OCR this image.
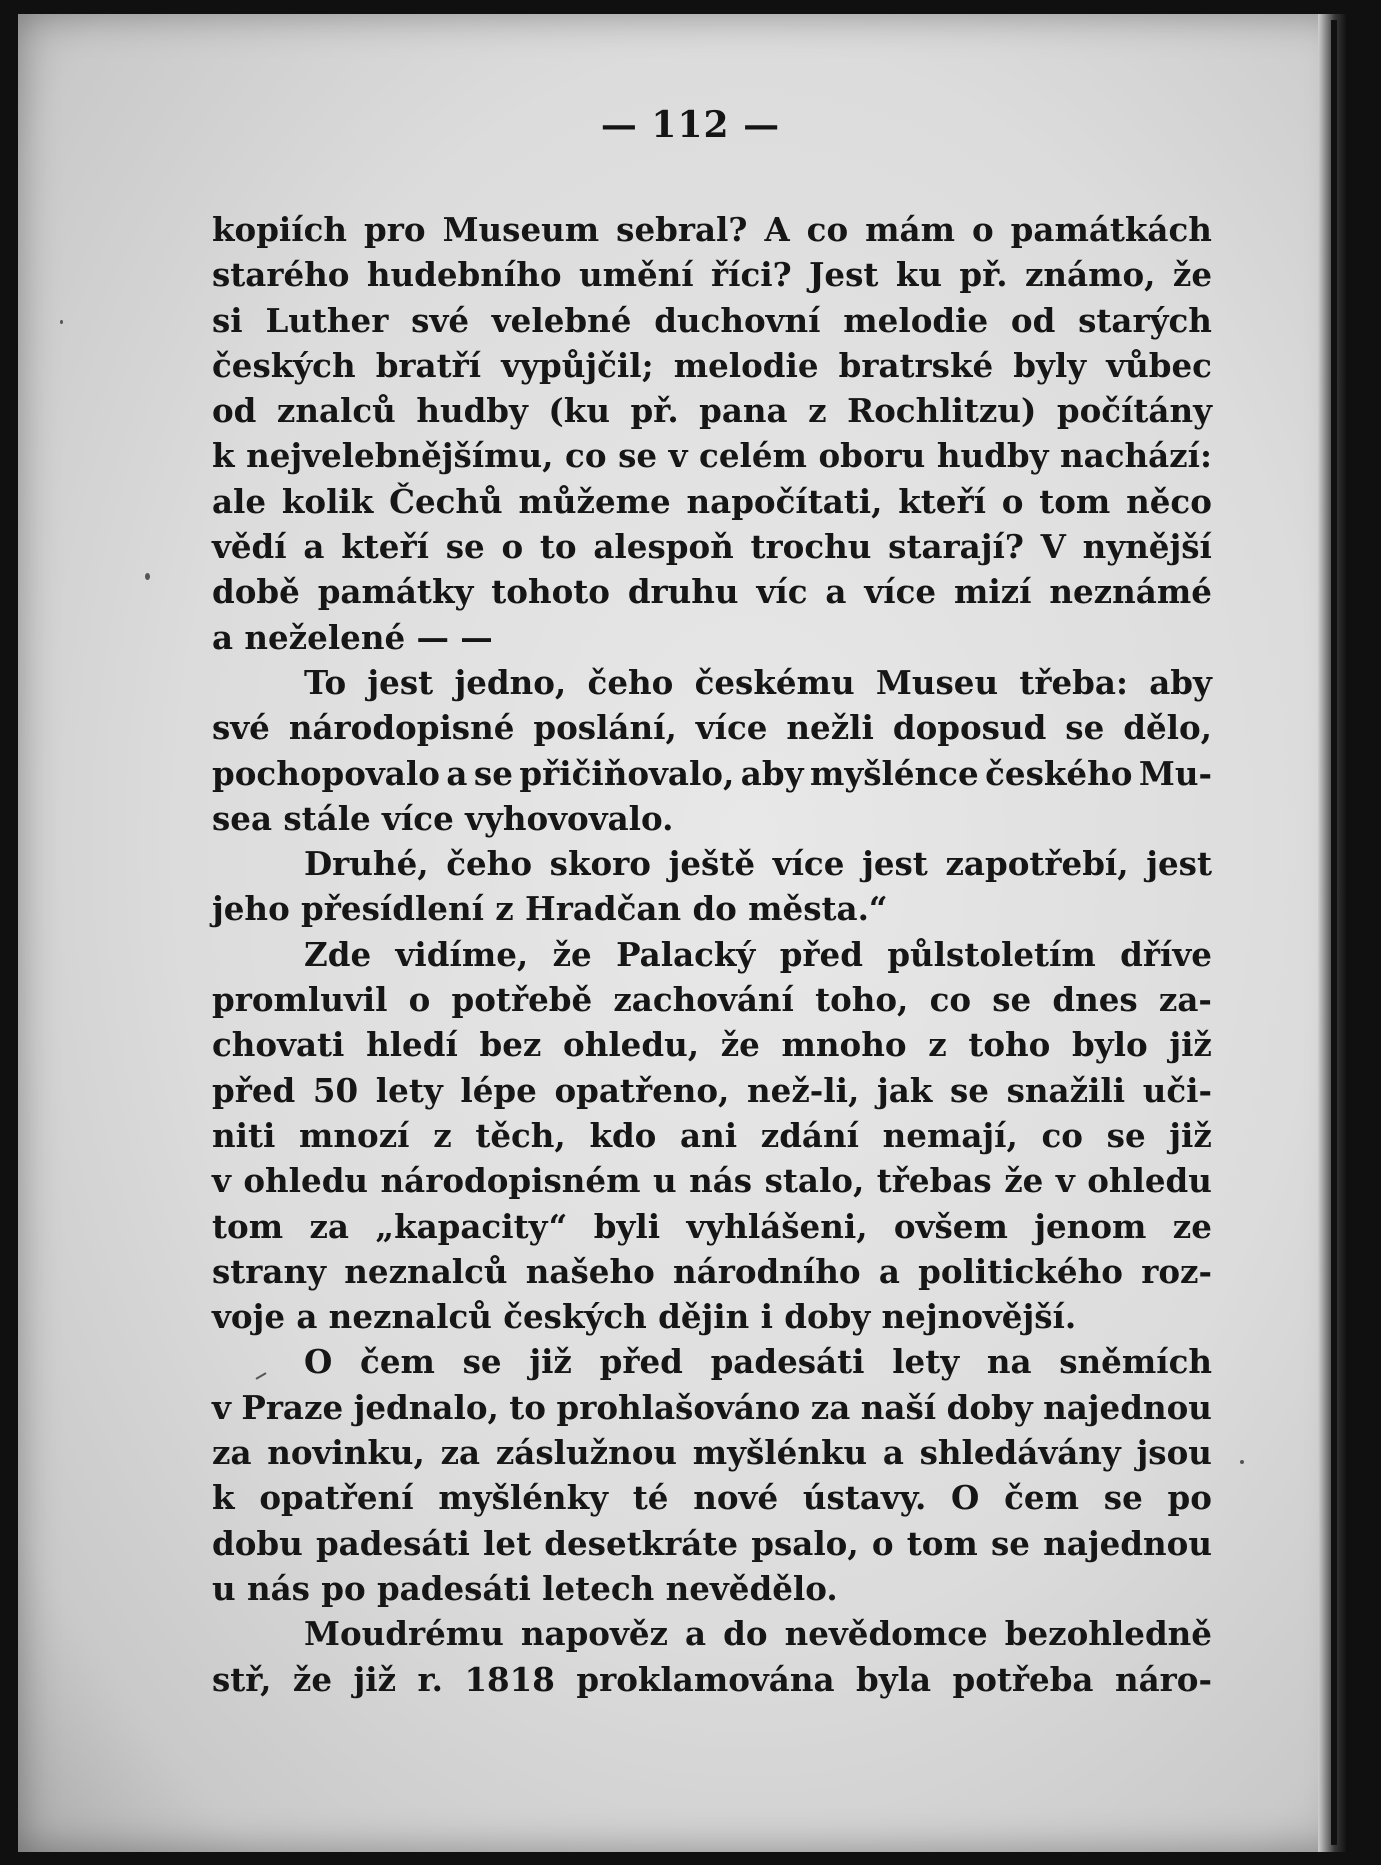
— 112 —
kopiích pro Museum sebral? A co mám o památkách
starého hudebního umění říci? Jest ku př. známo, že
si Luther své velebné duchovní melodie od starých
českých bratří vypůjčil; melodie bratrské byly vůbec
od znalců hudby (ku př. pana z Rochlitzu) počítány
k nejvelebnějšímu, co se v celém oboru hudby nachází:
ale kolik Čechů můžeme napočítati, kteří o tom něco
vědí a kteří se o to alespoň trochu starají? V nynější
době památky tohoto druhu víc a více mizí neznámé
a neželené — —
To jest jedno, čeho českému Museu třeba: aby
své národopisné poslání, více nežli doposud se dělo,
pochopovalo a se přičiňovalo, aby myšlénce českého Mu-
sea stále více vyhovovalo.
Druhé, čeho skoro ještě více jest zapotřebí, jest
jeho přesídlení z Hradčan do města.“
Zde vidíme, že Palacký před půlstoletím dříve
promluvil o potřebě zachování toho, co se dnes za-
chovati hledí bez ohledu, že mnoho z toho bylo již
před 50 lety lépe opatřeno, než-li, jak se snažili uči-
niti mnozí z těch, kdo ani zdání nemají, co se již
v ohledu národopisném u nás stalo, třebas že v ohledu
tom za „kapacity“ byli vyhlášeni, ovšem jenom ze
strany neznalců našeho národního a politického roz-
voje a neznalců českých dějin i doby nejnovější.
O čem se již před padesáti lety na sněmích
v Praze jednalo, to prohlašováno za naší doby najednou
za novinku, za záslužnou myšlénku a shledávány jsou
k opatření myšlénky té nové ústavy. O čem se po
dobu padesáti let desetkráte psalo, o tom se najednou
u nás po padesáti letech nevědělo.
Moudrému napověz a do nevědomce bezohledně
stř, že již r. 1818 proklamována byla potřeba náro-
